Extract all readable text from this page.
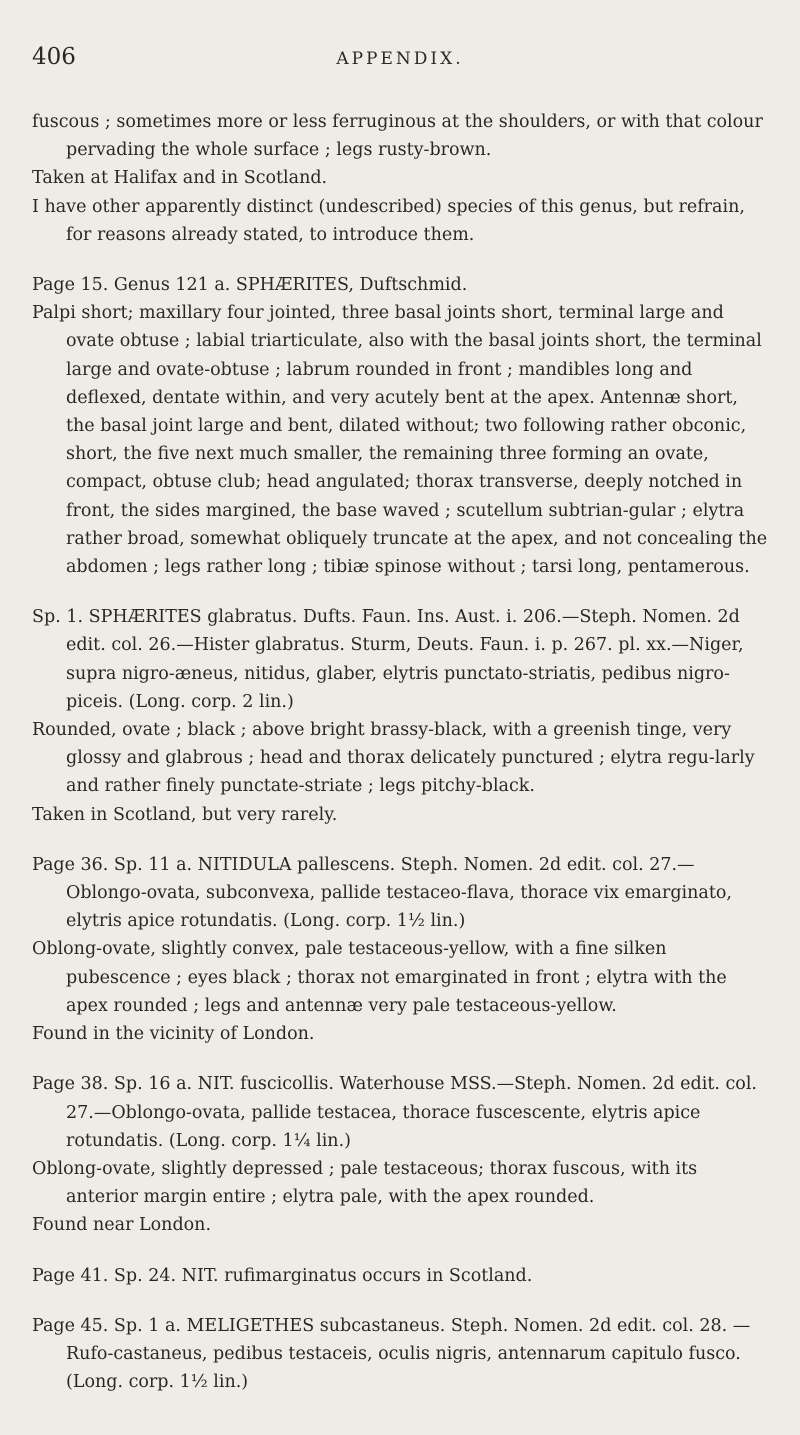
406	APPENDIX.

fuscous ; sometimes more or less ferruginous at the shoulders, or with that colour pervading the whole surface ; legs rusty-brown.

Taken at Halifax and in Scotland.

I have other apparently distinct (undescribed) species of this genus, but refrain, for reasons already stated, to introduce them.

Page 15. Genus 121 a. SPHÆRITES, Duftschmid.

Palpi short; maxillary four jointed, three basal joints short, terminal large and ovate obtuse ; labial triarticulate, also with the basal joints short, the terminal large and ovate-obtuse ; labrum rounded in front ; mandibles long and deflexed, dentate within, and very acutely bent at the apex. Antennæ short, the basal joint large and bent, dilated without; two following rather obconic, short, the five next much smaller, the remaining three forming an ovate, compact, obtuse club; head angulated; thorax transverse, deeply notched in front, the sides margined, the base waved ; scutellum subtrian-gular ; elytra rather broad, somewhat obliquely truncate at the apex, and not concealing the abdomen ; legs rather long ; tibiæ spinose without ; tarsi long, pentamerous.

Sp. 1. SPHÆRITES glabratus. Dufts. Faun. Ins. Aust. i. 206.—Steph. Nomen. 2d edit. col. 26.—Hister glabratus. Sturm, Deuts. Faun. i. p. 267. pl. xx.—Niger, supra nigro-æneus, nitidus, glaber, elytris punctato-striatis, pedibus nigro-piceis. (Long. corp. 2 lin.)

Rounded, ovate ; black ; above bright brassy-black, with a greenish tinge, very glossy and glabrous ; head and thorax delicately punctured ; elytra regu-larly and rather finely punctate-striate ; legs pitchy-black.

Taken in Scotland, but very rarely.

Page 36. Sp. 11 a. NITIDULA pallescens. Steph. Nomen. 2d edit. col. 27.—Oblongo-ovata, subconvexa, pallide testaceo-flava, thorace vix emarginato, elytris apice rotundatis. (Long. corp. 1½ lin.)

Oblong-ovate, slightly convex, pale testaceous-yellow, with a fine silken pubescence ; eyes black ; thorax not emarginated in front ; elytra with the apex rounded ; legs and antennæ very pale testaceous-yellow.

Found in the vicinity of London.

Page 38. Sp. 16 a. NIT. fuscicollis. Waterhouse MSS.—Steph. Nomen. 2d edit. col. 27.—Oblongo-ovata, pallide testacea, thorace fuscescente, elytris apice rotundatis. (Long. corp. 1¼ lin.)

Oblong-ovate, slightly depressed ; pale testaceous; thorax fuscous, with its anterior margin entire ; elytra pale, with the apex rounded.

Found near London.

Page 41. Sp. 24. NIT. rufimarginatus occurs in Scotland.

Page 45. Sp. 1 a. MELIGETHES subcastaneus. Steph. Nomen. 2d edit. col. 28. —Rufo-castaneus, pedibus testaceis, oculis nigris, antennarum capitulo fusco. (Long. corp. 1½ lin.)
